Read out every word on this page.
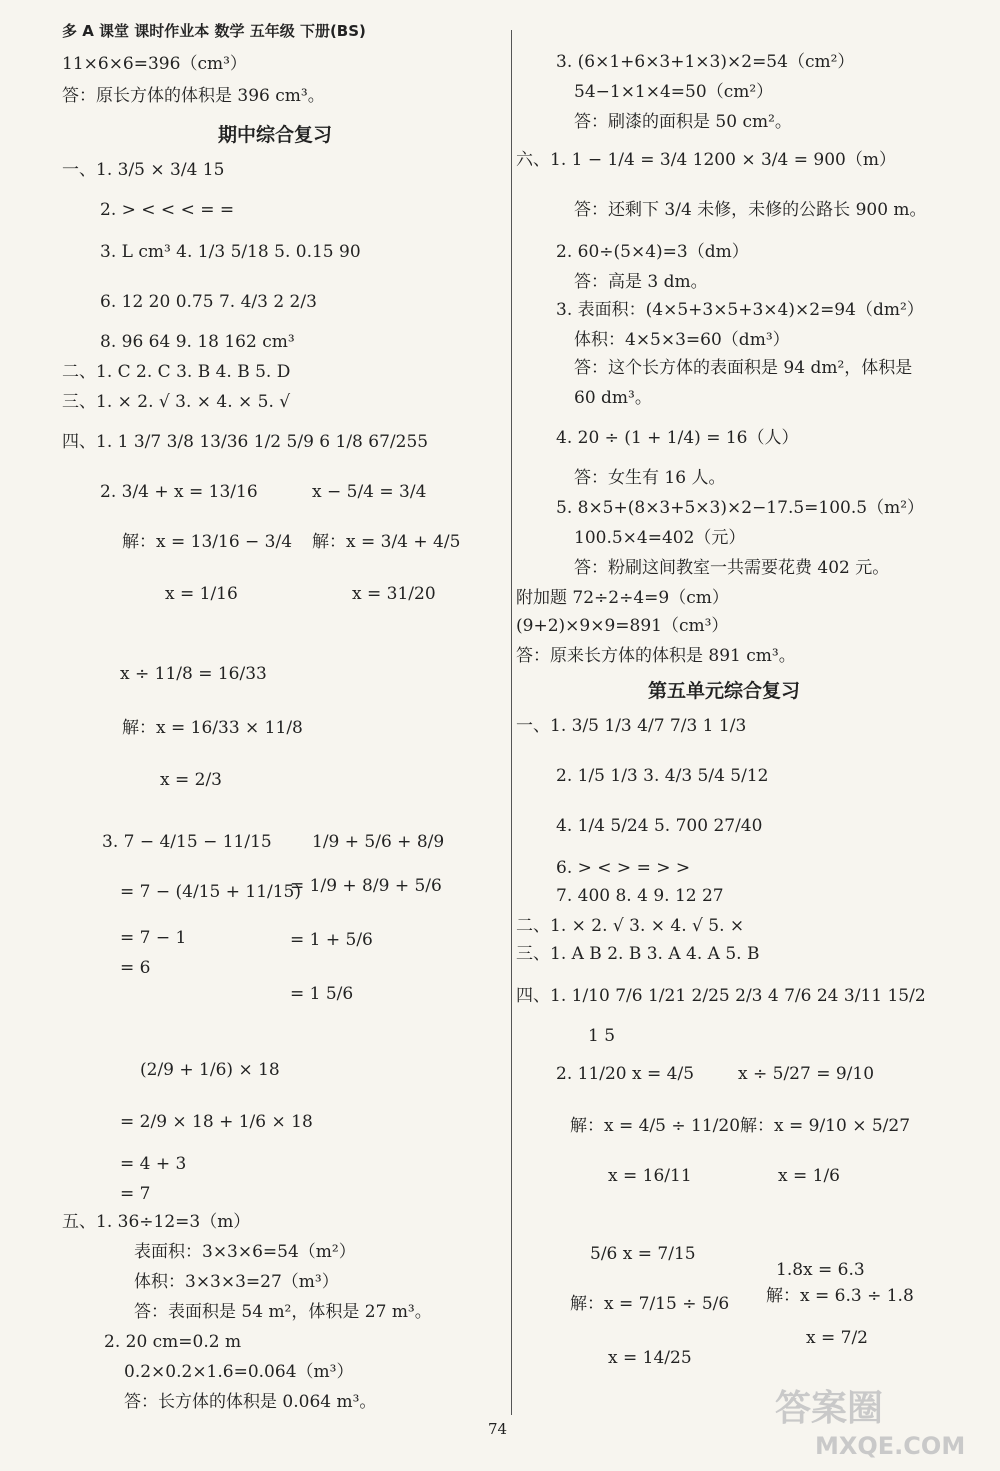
多 A 课堂 课时作业本 数学 五年级 下册(BS)
11×6×6=396（cm³）
答：原长方体的体积是 396 cm³。
期中综合复习
一、1. 3/5 × 3/4 15
2. > < < < = =
3. L cm³ 4. 1/3 5/18 5. 0.15 90
6. 12 20 0.75 7. 4/3 2 2/3
8. 96 64 9. 18 162 cm³
二、1. C 2. C 3. B 4. B 5. D
三、1. × 2. √ 3. × 4. × 5. √
四、1. 1 3/7 3/8 13/36 1/2 5/9 6 1/8 67/255
2. 3/4 + x = 13/16	x − 5/4 = 3/4
解：x = 13/16 − 3/4 解：x = 3/4 + 4/5
x = 1/16	x = 31/20
x ÷ 11/8 = 16/33
解：x = 16/33 × 11/8
x = 2/3
3. 7 − 4/15 − 11/15 1/9 + 5/6 + 8/9
= 7 − (4/15 + 11/15)
= 1/9 + 8/9 + 5/6
= 7 − 1	= 1 + 5/6
= 6
= 1 5/6
(2/9 + 1/6) × 18
= 2/9 × 18 + 1/6 × 18
= 4 + 3
= 7
五、1. 36÷12=3（m）
表面积：3×3×6=54（m²）
体积：3×3×3=27（m³）
答：表面积是 54 m²，体积是 27 m³。
2. 20 cm=0.2 m
0.2×0.2×1.6=0.064（m³）
答：长方体的体积是 0.064 m³。
3. (6×1+6×3+1×3)×2=54（cm²）
54−1×1×4=50（cm²）
答：刷漆的面积是 50 cm²。
六、1. 1 − 1/4 = 3/4 1200 × 3/4 = 900（m）
答：还剩下 3/4 未修，未修的公路长 900 m。
2. 60÷(5×4)=3（dm）
答：高是 3 dm。
3. 表面积：(4×5+3×5+3×4)×2=94（dm²）
体积：4×5×3=60（dm³）
答：这个长方体的表面积是 94 dm²，体积是
60 dm³。
4. 20 ÷ (1 + 1/4) = 16（人）
答：女生有 16 人。
5. 8×5+(8×3+5×3)×2−17.5=100.5（m²）
100.5×4=402（元）
答：粉刷这间教室一共需要花费 402 元。
附加题 72÷2÷4=9（cm）
(9+2)×9×9=891（cm³）
答：原来长方体的体积是 891 cm³。
第五单元综合复习
一、1. 3/5 1/3 4/7 7/3 1 1/3
2. 1/5 1/3 3. 4/3 5/4 5/12
4. 1/4 5/24 5. 700 27/40
6. > < > = > >
7. 400 8. 4 9. 12 27
二、1. × 2. √ 3. × 4. √ 5. ×
三、1. A B 2. B 3. A 4. A 5. B
四、1. 1/10 7/6 1/21 2/25 2/3 4 7/6 24 3/11 15/2
1 5
2. 11/20 x = 4/5	x ÷ 5/27 = 9/10
解：x = 4/5 ÷ 11/20 解：x = 9/10 × 5/27
x = 16/11	x = 1/6
5/6 x = 7/15
1.8x = 6.3
解：x = 7/15 ÷ 5/6 解：x = 6.3 ÷ 1.8
x = 14/25
x = 7/2
74	答案圈
MXQE.COM
